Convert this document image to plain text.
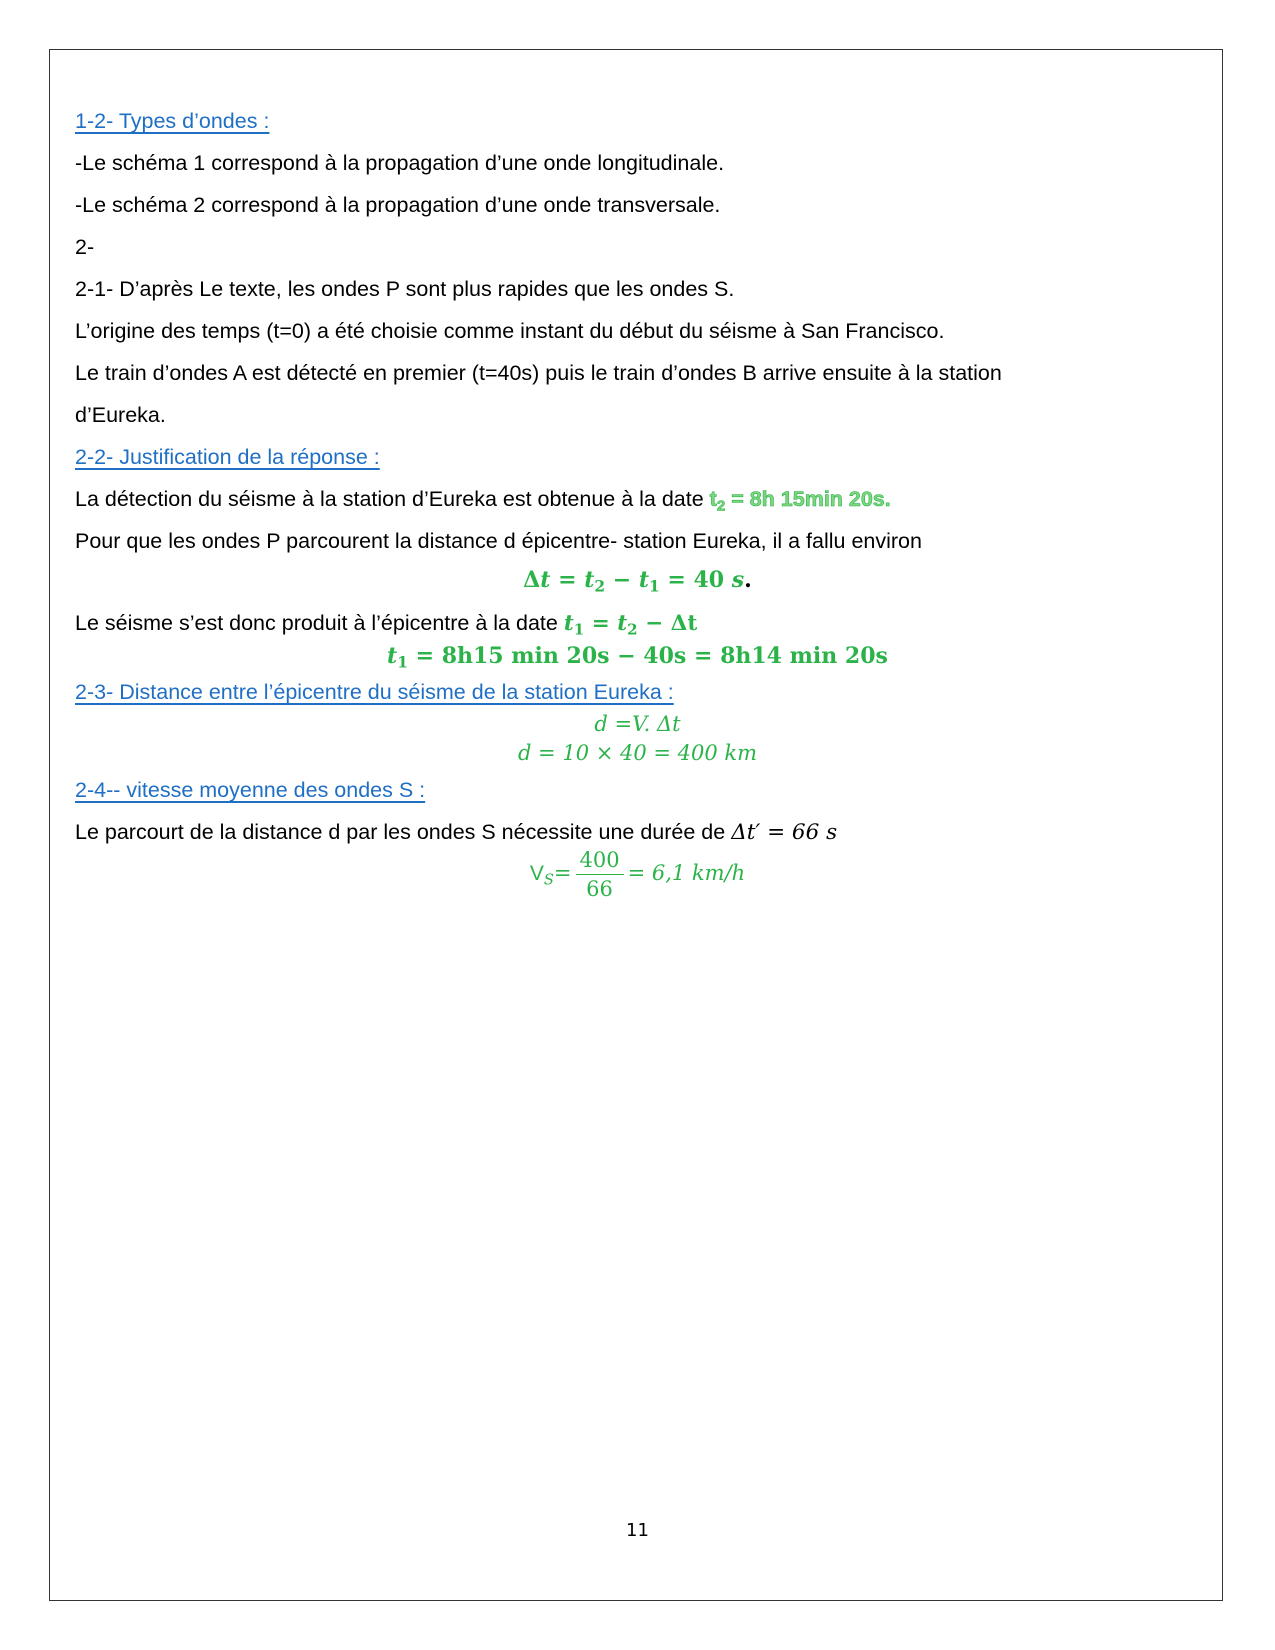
1-2- Types d’ondes :
-Le schéma 1 correspond à la propagation d’une onde longitudinale.
-Le schéma 2 correspond à la propagation d’une onde transversale.
2-
2-1- D’après Le texte, les ondes P sont plus rapides que les ondes S.
L’origine des temps (t=0) a été choisie comme instant du début du séisme à San Francisco.
Le train d’ondes A est détecté en premier (t=40s) puis le train d’ondes B arrive ensuite à la station
d’Eureka.
2-2- Justification de la réponse :
La détection du séisme à la station d’Eureka est obtenue à la date $t_2 = 8h$ 15min 20s.
Pour que les ondes P parcourent la distance d épicentre- station Eureka, il a fallu environ
$\Delta t = t_2 - t_1 = 40$ s.
Le séisme s’est donc produit à l’épicentre à la date $t_1 = t_2 - \Delta t$
$t_1 = 8h15$ min 20s − 40s = 8h14 min 20s
2-3- Distance entre l’épicentre du séisme de la station Eureka :
d =V. Δt
d = 10 × 40 = 400 km
2-4-- vitesse moyenne des ondes S :
Le parcourt de la distance d par les ondes S nécessite une durée de Δt′ = 66 s
$V_S= \frac{400}{66} = 6,1$ km/h
11
